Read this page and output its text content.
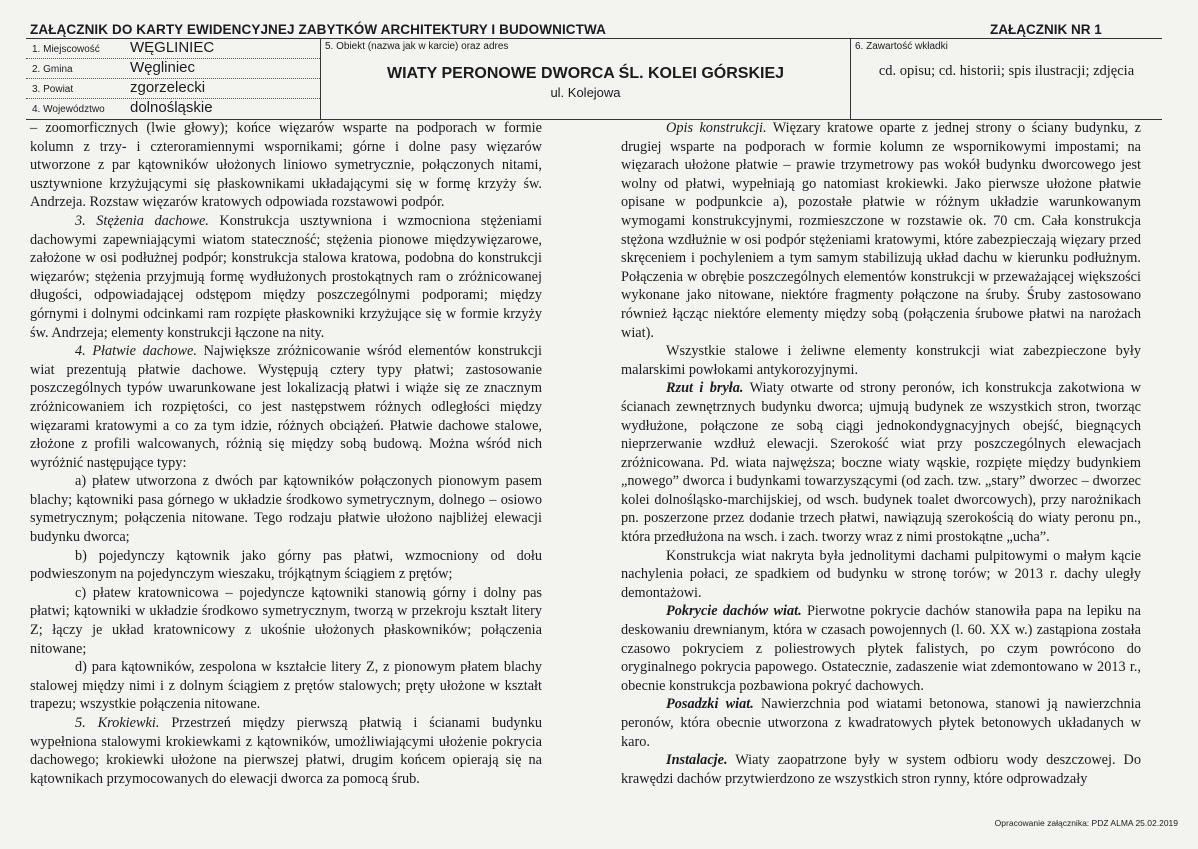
ZAŁĄCZNIK DO KARTY EWIDENCYJNEJ ZABYTKÓW ARCHITEKTURY I BUDOWNICTWA	ZAŁĄCZNIK NR 1
1. Miejscowość WĘGLINIEC
2. Gmina	Węgliniec
3. Powiat	zgorzelecki
4. Województwo dolnośląskie
5. Obiekt (nazwa jak w karcie) oraz adres
WIATY PERONOWE DWORCA ŚL. KOLEI GÓRSKIEJ
ul. Kolejowa
6. Zawartość wkładki
cd. opisu; cd. historii; spis ilustracji; zdjęcia

– zoomorficznych (lwie głowy); końce więzarów wsparte na podporach w formie kolumn z trzy- i czteroramiennymi wspornikami; górne i dolne pasy więzarów utworzone z par kątowników ułożonych liniowo symetrycznie, połączonych nitami, usztywnione krzyżującymi się płaskownikami układającymi się w formę krzyży św. Andrzeja. Rozstaw więzarów kratowych odpowiada rozstawowi podpór.

3. Stężenia dachowe. Konstrukcja usztywniona i wzmocniona stężeniami dachowymi zapewniającymi wiatom stateczność; stężenia pionowe międzywięzarowe, założone w osi podłużnej podpór; konstrukcja stalowa kratowa, podobna do konstrukcji więzarów; stężenia przyjmują formę wydłużonych prostokątnych ram o zróżnicowanej długości, odpowiadającej odstępom między poszczególnymi podporami; między górnymi i dolnymi odcinkami ram rozpięte płaskowniki krzyżujące się w formie krzyży św. Andrzeja; elementy konstrukcji łączone na nity.

4. Płatwie dachowe. Największe zróżnicowanie wśród elementów konstrukcji wiat prezentują płatwie dachowe. Występują cztery typy płatwi; zastosowanie poszczególnych typów uwarunkowane jest lokalizacją płatwi i wiąże się ze znacznym zróżnicowaniem ich rozpiętości, co jest następstwem różnych odległości między więzarami kratowymi a co za tym idzie, różnych obciążeń. Płatwie dachowe stalowe, złożone z profili walcowanych, różnią się między sobą budową. Można wśród nich wyróżnić następujące typy:

a) płatew utworzona z dwóch par kątowników połączonych pionowym pasem blachy; kątowniki pasa górnego w układzie środkowo symetrycznym, dolnego – osiowo symetrycznym; połączenia nitowane. Tego rodzaju płatwie ułożono najbliżej elewacji budynku dworca;

b) pojedynczy kątownik jako górny pas płatwi, wzmocniony od dołu podwieszonym na pojedynczym wieszaku, trójkątnym ściągiem z prętów;

c) płatew kratownicowa – pojedyncze kątowniki stanowią górny i dolny pas płatwi; kątowniki w układzie środkowo symetrycznym, tworzą w przekroju kształt litery Z; łączy je układ kratownicowy z ukośnie ułożonych płaskowników; połączenia nitowane;

d) para kątowników, zespolona w kształcie litery Z, z pionowym płatem blachy stalowej między nimi i z dolnym ściągiem z prętów stalowych; pręty ułożone w kształt trapezu; wszystkie połączenia nitowane.

5. Krokiewki. Przestrzeń między pierwszą płatwią i ścianami budynku wypełniona stalowymi krokiewkami z kątowników, umożliwiającymi ułożenie pokrycia dachowego; krokiewki ułożone na pierwszej płatwi, drugim końcem opierają się na kątownikach przymocowanych do elewacji dworca za pomocą śrub.

Opis konstrukcji. Więzary kratowe oparte z jednej strony o ściany budynku, z drugiej wsparte na podporach w formie kolumn ze wspornikowymi impostami; na więzarach ułożone płatwie – prawie trzymetrowy pas wokół budynku dworcowego jest wolny od płatwi, wypełniają go natomiast krokiewki. Jako pierwsze ułożone płatwie opisane w podpunkcie a), pozostałe płatwie w różnym układzie warunkowanym wymogami konstrukcyjnymi, rozmieszczone w rozstawie ok. 70 cm. Cała konstrukcja stężona wzdłużnie w osi podpór stężeniami kratowymi, które zabezpieczają więzary przed skręceniem i pochyleniem a tym samym stabilizują układ dachu w kierunku podłużnym. Połączenia w obrębie poszczególnych elementów konstrukcji w przeważającej większości wykonane jako nitowane, niektóre fragmenty połączone na śruby. Śruby zastosowano również łącząc niektóre elementy między sobą (połączenia śrubowe płatwi na narożach wiat).

Wszystkie stalowe i żeliwne elementy konstrukcji wiat zabezpieczone były malarskimi powłokami antykorozyjnymi.

Rzut i bryła. Wiaty otwarte od strony peronów, ich konstrukcja zakotwiona w ścianach zewnętrznych budynku dworca; ujmują budynek ze wszystkich stron, tworząc wydłużone, połączone ze sobą ciągi jednokondygnacyjnych obejść, biegnących nieprzerwanie wzdłuż elewacji. Szerokość wiat przy poszczególnych elewacjach zróżnicowana. Pd. wiata najwęższa; boczne wiaty wąskie, rozpięte między budynkiem „nowego” dworca i budynkami towarzyszącymi (od zach. tzw. „stary” dworzec – dworzec kolei dolnośląsko-marchijskiej, od wsch. budynek toalet dworcowych), przy narożnikach pn. poszerzone przez dodanie trzech płatwi, nawiązują szerokością do wiaty peronu pn., która przedłużona na wsch. i zach. tworzy wraz z nimi prostokątne „ucha”.

Konstrukcja wiat nakryta była jednolitymi dachami pulpitowymi o małym kącie nachylenia połaci, ze spadkiem od budynku w stronę torów; w 2013 r. dachy uległy demontażowi.

Pokrycie dachów wiat. Pierwotne pokrycie dachów stanowiła papa na lepiku na deskowaniu drewnianym, która w czasach powojennych (l. 60. XX w.) zastąpiona została czasowo pokryciem z poliestrowych płytek falistych, po czym powrócono do oryginalnego pokrycia papowego. Ostatecznie, zadaszenie wiat zdemontowano w 2013 r., obecnie konstrukcja pozbawiona pokryć dachowych.

Posadzki wiat. Nawierzchnia pod wiatami betonowa, stanowi ją nawierzchnia peronów, która obecnie utworzona z kwadratowych płytek betonowych układanych w karo.

Instalacje. Wiaty zaopatrzone były w system odbioru wody deszczowej. Do krawędzi dachów przytwierdzono ze wszystkich stron rynny, które odprowadzały

Opracowanie załącznika: PDZ ALMA 25.02.2019
